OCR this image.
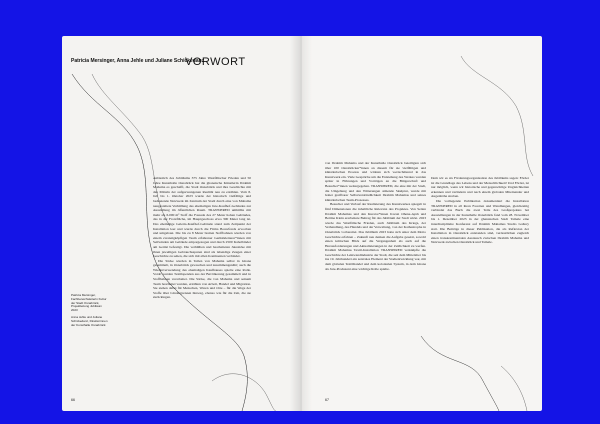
Patricia Mersinger, Anna Jehle und Juliane Schickedanz
VORWORT

Anlässlich des Jubiläums 375 Jahre Westfälischer Frieden und 50 Jahre Kunsthalle Osnabrück hat die ghanaische Künstlerin Ibrahim Mahama es geschafft, die Stadt Osnabrück und ihre Geschichte mit den Mitteln der aufgezwungenen Realität neu zu erzählen. Vom 8. Juli bis 1. Oktober 2023 wurde der historisch vielfältige und bedeutende Netzwerk im Zentrum der Stadt durch eine von Mahama neugestaltete Verhüllung des ehemaligen Jute-Kaufhof-Gebäudes zur Ausstellung im öffentlichen Raum. TRANSPIRED umhüllte mit mehr als 6.000 m² Stoff die Fassade des 27 Meter hohen Gebäudes, das in der Frontfläche, im Hauptgeschoss etwa 300 Meter lang ist. Das ehemalige Galeria-Kaufhof-Gebäude stand zum Zeitpunkt der Installation leer und wurde durch die Firma Bouwfonds erworben und umgebaut. Die bis zu 8 Meter breiten Stoffbahnen wurden von einem zwanzigköpfigen Team erfahrener Gerüstkletterer*innen mit Seilwinden am Gebäude emporgezogen und durch 2500 Kabelbinder am Gerüst befestigt. Die verhüllten und bearbeiteten Jutesäcke mit ihren jeweiligen Gebrauchsspuren sind als lebendige Zeugen einer Geschichte zu sehen, die sich mit allen Kontinenten verbindet.

Die Säcke wurden in Teilen von Mahama selbst in Ghana gesammelt, in Osnabrück gewaschen und zusammengenäht; auch die Wiederverwendung des ehemaligen Kaufhauses spielte eine Rolle. Vorab wurden Textilspenden aus der Bevölkerung gesammelt und in Stoffbahnen verarbeitet. Die Säcke, die von Mahama und seinem Team bearbeitet wurden, erzählen von Arbeit, Handel und Migration. Sie stehen dabei für Menschen, Waren und Orte – für die Wege der Stoffe über Ländergrenzen hinweg, ebenso wie für die Zeit, die sie zurücklegen.

Patricia Mersinger, Fachbereichsleiterin Kultur der Stadt Osnabrück, Projektleitung Jubiläum 2023
Anna Jehle und Juliane Schickedanz, Direktorinnen der Kunsthalle Osnabrück
66

von Ibrahim Mahama und der Kunsthalle Osnabrück beteiligten sich über 100 Osnabrücker*innen an diesem für sie vielfältigen und künstlerischen Prozess und wirkten sich wertschätzend in das Kunstwerk ein. Viele Gespräche um die Entstehung des Werkes wurden später in Führungen und Vorträgen an die Bürgerschaft und Besucher*innen weitergegeben. TRANSPIRED, die eine mit der Stadt, die Umgebung und den Witterungen atmende Skulptur, wurde mit hoher greifbarer Selbstverständlichkeit Ibrahim Mahamas und seines künstlerischen Team-Prozesses.

Besucher und Verlauf der Realisierung des Kunstwerkes spiegelt in fünf Dimensionen die inhaltliche Relevanz des Projektes. Von Seiten Ibrahim Mahamas und den Kurator*innen Kwasi Ohene-Ayeh und Bettina Klein erarbeitete Beitrag für das Jubiläum der Stadt wirkt. 2023 wurde das Westfälische Frieden, auch Jubiläum des Kriegs, der Verhandlung, des Handels und der Verwaltung, von der Kathastrophe in Osnabrück vorbereitet. Das Jubiläum 2023 hatte sich unter dem Motto Geschichte erfahren – Zukunft neu denken die Aufgabe gesetzt, sowohl einen kritischen Blick auf die Vergangenheit als auch auf die Herausforderungen und Aktualisierungen in der Zeitlichkeit zu werfen. Ibrahim Mahamas Textil-Installation TRANSPIRED verknüpfte die Geschichte der Leinwandindustrie der Stadt, die seit dem Mittelalter bis ins 19. Jahrhundert ein zentrales Element der Stadtentwicklung war, mit dem globalen Textilhandel und dem kolonialen System, in dem Ghana als Jute-Produzent eine wichtige Rolle spielte.

Dem wir es als Förderungsorganisation des Jubiläums sagen: Förder ist die Grundlage des Lebens und der Menschlichkeit! Und Förder, ist nur möglich, wenn wir historische und gegenwärtige Ungleichheiten erkennen und verändern und nach einem globalen Miteinander und Augenhöhe streben.

Die vorliegende Publikation dokumentiert die Installation TRANSPIRED in all ihren Facetten und Wandlungen, gleichzeitig verbindet das Buch die zwei Teile des Großprojektes bei Ausstellungen in der Kunsthalle Osnabrück fand vom 28. November bis 1. Dezember 2023 in der ghanaischen Stadt Tamale eine interdisziplinäre Konferenz auf Ibrahim Mahamas Studio Gallery statt. Die Beiträge in dieser Publikation, die als Reflexion der Installation in Osnabrück entstanden sind, verdeutlichen zugleich einen transkontinentalen Austausch zwischen Ibrahim Mahama und Netzwerk zwischen Osnabrück und Tamale.

67
